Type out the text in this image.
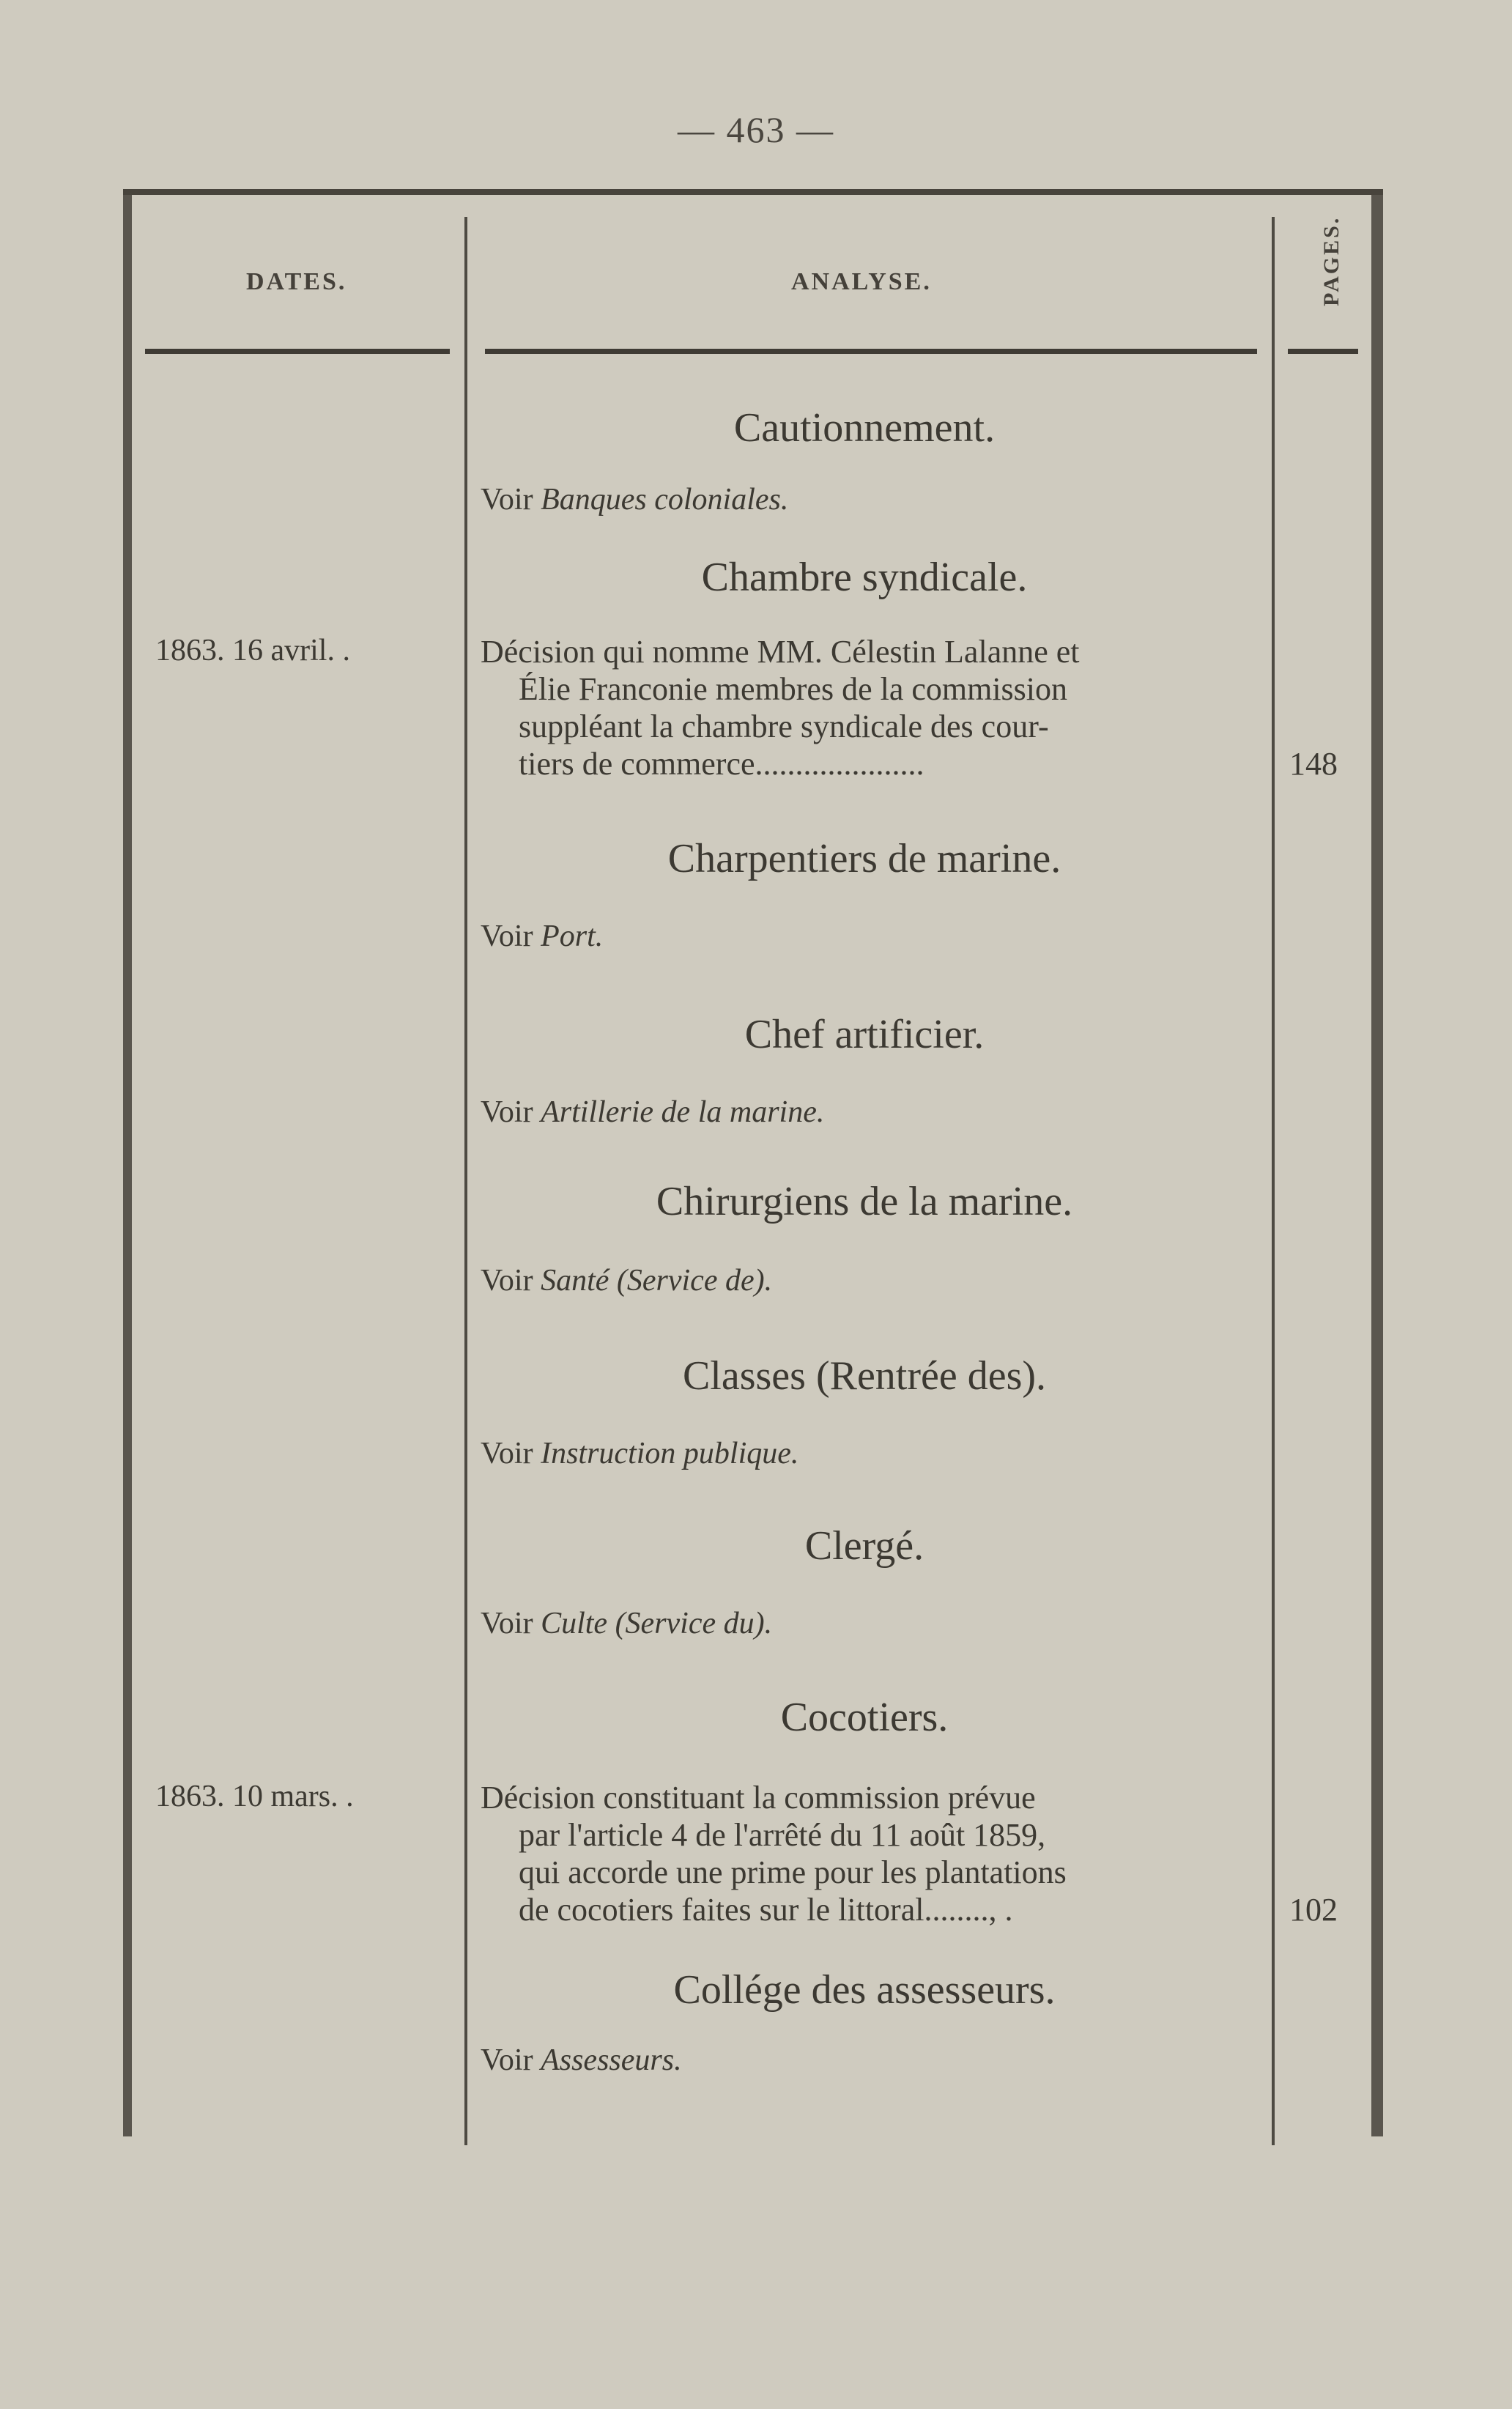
— 463 —
DATES.	ANALYSE.	PAGES.
Cautionnement.
Voir Banques coloniales.
Chambre syndicale.
1863. 16 avril. .	Décision qui nomme MM. Célestin Lalanne et
Élie Franconie membres de la commission
suppléant la chambre syndicale des cour-
tiers de commerce.....................	148
Charpentiers de marine.
Voir Port.
Chef artificier.
Voir Artillerie de la marine.
Chirurgiens de la marine.
Voir Santé (Service de).
Classes (Rentrée des).
Voir Instruction publique.
Clergé.
Voir Culte (Service du).
Cocotiers.
1863. 10 mars. .	Décision constituant la commission prévue
par l'article 4 de l'arrêté du 11 août 1859,
qui accorde une prime pour les plantations
de cocotiers faites sur le littoral........, .	102
Collége des assesseurs.
Voir Assesseurs.
